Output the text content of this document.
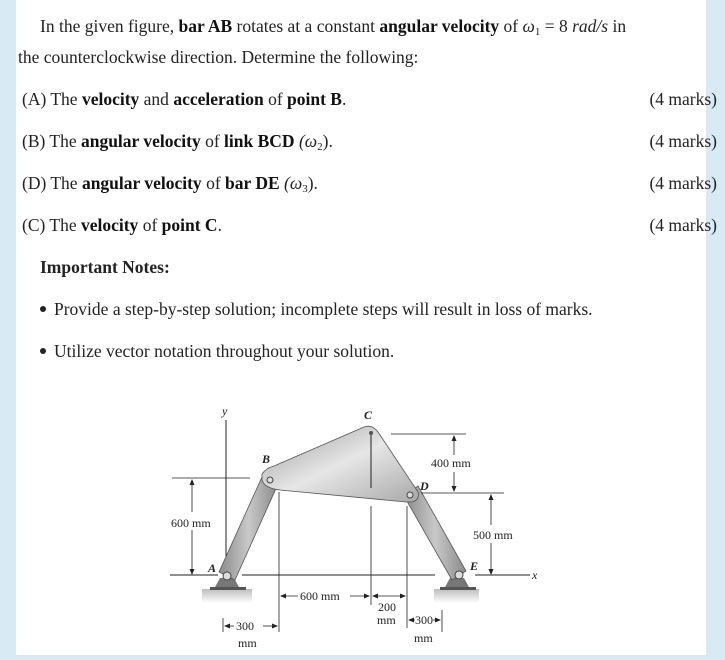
In the given figure, bar AB rotates at a constant angular velocity of $\omega_1 = 8$ rad/s in
the counterclockwise direction. Determine the following:
(A) The velocity and acceleration of point B.	(4 marks)
(B) The angular velocity of link BCD $(\omega_2)$.	(4 marks)
(D) The angular velocity of bar DE $(\omega_3)$.	(4 marks)
(C) The velocity of point C.	(4 marks)
Important Notes:
Provide a step-by-step solution; incomplete steps will result in loss of marks.
Utilize vector notation throughout your solution.
y
x
A
B
C
D
E
600 mm
400 mm
500 mm
600 mm
200
mm
300
mm
300
mm
